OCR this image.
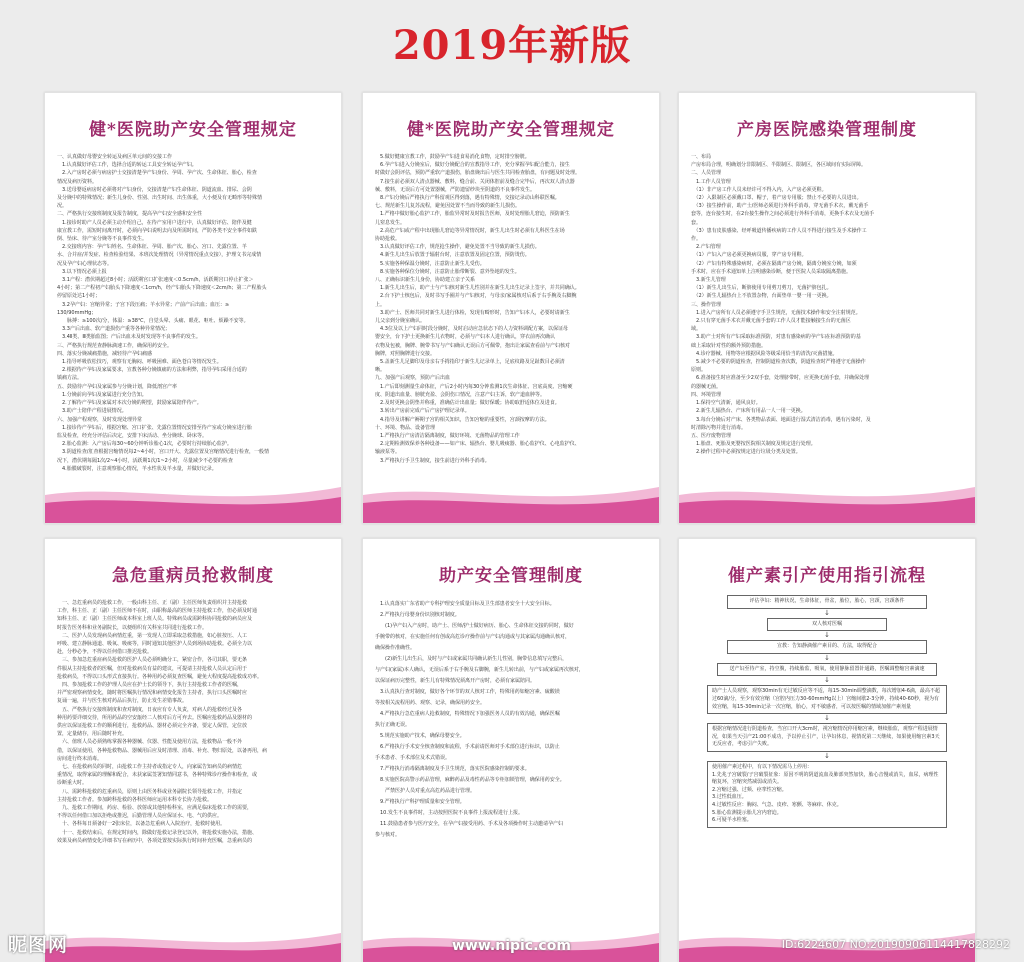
2019年新版
健*医院助产安全管理规定

一、认真做好母婴安全转运及病区单元间的交接工作

　1.认真做好评估工作，选择合适的转运工具安全转运孕产妇。

　2.入产房时必须与病房护士交接清楚孕产妇身份、孕周、孕产次、生命体征、胎心，检查

情况及病历资料。

　3.送母婴返病房时必须将对产妇身份，交接清楚产妇生命体征、阴道流血、排尿、会阴

及分娩中的特殊情况；新生儿身份、性别、出生时间、出生体重，大小便及有无畸形等特殊情

况。

二、严格执行交接班制度及报告制度，提高孕产妇安全感和安全性

　1.接诊时助产人员必须主动介绍自己，在待产室用户进行中，认真做好评估、陪伴及健

康宣教工作，需短时间离开时，必须向孕妇说明去向及所需时间，严防各类不安全事件如跌

倒、坠床、待产室分娩等不良事件发生。

　2.交接班内容：孕产妇姓名、生命体征、孕周、胎产次、胎心、宫口、先露位置、羊

水、合并症/并发症、检查检验结果、本班次处理情况（异常情况重点交接），护理文书完成情

况及孕产妇心理状态等。

　3.以下情况必须上报

　3.1产程：潜伏期超过8小时；活跃期宫口扩张速度＜0.5cm/h，活跃期宫口停止扩张＞

4小时；第二产程初产妇胎头下降速度＜1cm/h，经产妇胎头下降速度＜2cm/h；第二产程胎头

停留原处达1小时；

　3.2孕产妇：宫缩异常；子宫下段压痛；羊水异常；产前产后出血；血压：≥

130/90mmHg；

　　脉搏：≥100次/分，体温：≥38℃，自觉头晕、头痛、眼花、呕吐、烦躁不安等。

　3.3产后出血、软产道损伤产重等各种异常情况；

　3.4Ⅱ类、Ⅲ类胎监图；产后出血未及时发现等不良事件的发生。

三、严格执行规范查静脉滴速工作，确保用药安全。

四、落实分娩减痛措施，减轻待产孕妇痛感

　1.指导呼吸放松技巧，观察有无胸闷、呼吸困难、面色苍白等情况发生。

　2.根据待产孕妇及家属要求，宣教各种分娩镇痛的方法和利弊，指导孕妇采用合适的

镇痛方法。

五、鼓励待产孕妇及家属参与分娩计划，降低剖宫产率

　1.分娩前向孕妇及家属进行充分告知。

　2.了解待产孕妇及家属对本次分娩的期望，鼓励家属陪伴待产。

　3.助产士陪伴产程进展情况。

六、加强产程观察，及时发现处理异常

　1.接诊待产孕妇后，根据宫缩、宫口扩张、先露位置情况安排至待产室或分娩室进行胎

监及检查，经充分评估后决定，安排下床活动、坐分娩球、卧床等。

　2.胎心监测：入产房后每30~60分钟听诊胎心1次，必要时行持续胎心监护。

　3.阴道检查/肛查根据宫缩情况每2~4小时，宫口开大、先露位置及宫缩情况进行检查，一般情

况下，潜伏期每隔1次/2~4小时，活跃期1次/1~2小时，尽量减少不必要的检查

　4.胎膜破裂时，注意观察胎心情况，羊水性状及羊水量，并做好记录。

健*医院助产安全管理规定

　5.做好健康宣教工作，鼓励孕产妇进食易消化食物，定时排空膀胱。

　6.孕产妇进入分娩室后，做好分娩配合的宣教指导工作，充分掌握孕妇配合能力，接生

时做好会阴评估，预防严重软产道损伤，胎盘娩出后与医生共同检查胎盘，有问题及时处理。

　7.接生前必须双人清点器械、敷料，缝合前、关闭体腔前及缝合完毕后，再次双人清点器

械、敷料，无误后方可处置器械，严防遗留纱块至阴道的不良事件发生。

　8.产妇分娩后严格执行产科留观区得到落，遇有特殊情，交接记录动山科联医嘱。

七、规范新生儿复苏流程，避免因处置不当而导致的新生儿损伤。

　1.严格中做好胎心监护工作，胎监异常时及时报告医师，及时处理胎儿窘迫，预防新生

儿窒息发生。

　2.高危产妇或产程中出现胎儿窘迫等异常情况时，新生儿出生时必须有儿科医生在场

协助抢救。

　3.认真做好评估工作，规范抢生操作，避免处置不当导致的新生儿损伤。

　4.新生儿出生后放置于辐射台时，注意放置及固定位置，预防烫伤。

　5.实施各种保温分娩时，注意防止新生儿受伤。

　8.实施各种保位分娩时，注意防止胎带断裂、意外坠地的发生。

八、正确标识新生儿身份，协助建立亲子关系

　1.新生儿出生后，助产士与产妇核对新生儿性别并在新生儿出生记录上签字，并共同确认。

　2.台下护士核包后，及时书写手圈并与产妇核对，与母亲/家属核对后系于右手腕及右脚腕

上。

　3.助产士、医师共同对新生儿进行体检，发现有畸形时，告知产妇本人，必要时请新生

儿父亲到分娩室确认。

　4.3位及以上产妇同时段分娩时，及时启动应急状态下的人力资料调配方案，以保证母

婴安全，台下护士更换新生儿衣物时，必须与产妇本人进行确认，穿衣前再次确认

衣物及包被，胸牌、腕带书写与产妇确认无误后方可佩带，抱出让家属查看前与产妇核对

胸牌，对照胸牌进行交接。

　5.盖新生儿足脚印及母亲右手拇指印于新生儿记录单上，足底纹路及足趾数目必须清

晰。

九、加强产后观察，预防产后出血

　1.产后即刻测量生命体征，产后2小时内每30分钟监测1次生命体征、宫底高度、宫缩硬

度、阴道出血量、膀胱充盈、会阴伤口情况，注意产妇主诉，软产道血肿等。

　2.及时更换会阴垫并称重，准确估计出血量；做好保暖；协助取舒适体位及进食。

　3.转出产房前完成产后产房护理记录单。

　4.指导及讲解产褥期子宫的相关知识，告知宫缩的重要性，宫颈按摩的方法。

十、环境、物品、设备管理

　1.严格执行产房清洁隔离制度，做好环境、无菌物品的管理工作

　2.定期检测效保养各种设备——如产床、辐热台、婴儿吸痰器、胎心监护仪、心电监护仪、

输液泵等。

　3.严格执行手卫生制度，接生前进行外科手消毒。

产房医院感染管理制度

一、布局

产房布局合理，明确划分非限制区、半限制区、限制区，各区域间有实际屏障。

二、人员管理

　1.工作人员管理

　（1）非产房工作人员未经许可不得入内，入产房必须更鞋。

　（2）入限制区必须戴口罩、帽子，着产房专用服；禁止不必要的人员进出。

　（3）接生操作前，助产士/医师必须进行外科手消毒，穿无菌手术衣，戴无菌手

套等，连台接生时，在2台接生操作之间必须进行外科手消毒，更换手术衣及无菌手

套。

　（3）患有皮肤感染、经呼吸道传播疾病的工作人员不得进行接生及手术操作工

作。

　2.产妇管理

　（1）产妇入产房必须更换病员服，穿产房专用鞋。

　（2）产妇有特殊感染病时，必须在隔离产房分娩，隔离分娩室分娩，如须

手术时，应在手术通知单上注明感染诊断，便于医院人员采取隔离措施。

　3.新生儿管理

　（1）新生儿出生后，断脐使用专用剪刀剪刀，无菌护脐包扎。

　（2）新生儿辐热台上不放置杂物，台面垫单一婴一用一更换。

三、操作管理

　1.进入产房所有人员必须遵守手卫生规范，无菌技术操作和安全注射规范。

　2.只有穿无菌手术衣并戴无菌手套的工作人员才能接触接生台的无菌区

域。

　3.助产士对所有产妇采取标准预防，对患有感染病的孕产妇在标准预防的基

础上采取针对性的额外预防措施。

　4.诊疗器械、用物等应根据风险等级采用恰当的清洗/灭菌措施。

　5.减少不必要的阴道检查，控制阴道检查次数，阴道检查时严格遵守无菌操作

原则。

　6.准备接生时应准备至少2双手套，处理脐带时，应更换无菌手套，并确保处理

的器械无菌。

四、环境管理

　1.保持空气清新，通风良好。

　2.新生儿辐热台、产床所有用品一人一用一更换。

　3.每台分娩后对产床、各类物品表面、地面进行湿式清洁消毒，遇有污染时，及

时清除污物并进行消毒。

五、医疗废物管理

　1.胎盘、死胎及死婴按医院相关制度及规定进行处理。

　2.操作过程中必须按规定进行垃圾分类及处置。

急危重病员抢救制度

　一、急危重病员的抢救工作，一般由科主任、正（副）主任医师负责组织并主持抢救

工作，科主任、正（副）主任医师不在时，由职称最高的医师主持抢救工作，但必须及时通

知科主任、正（副）主任医师或本科室上班人员。特殊病员或需跨科协同抢救的病员应及

时报告医务科和业务副院长，以便组织有关科室共同进行抢救工作。

　二、医护人员发现病员病情危重，第一发现人立即采取急救措施，如心脏按压、人工

呼吸、建立静脉通道、吸氧、吸痰等，同时通知其他医护人员到场协助抢救。必须全力以

赴，分秒必争，不得以任何借口推迟抢救。

　三、参加急危重症病员抢救的医护人员必须明确分工，紧密合作，各司其职，要无条

件服从主持抢救者的医嘱，但对抢救病员有益的建议，可提请主持抢救人员认定后用于

抢救病员，不得以口头形式直接执行。各种用药必须复查医嘱，避免大程度提高抢救成功率。

　四、参加抢救工作的护理人员应在护士长的领导下，执行主持抢救工作者的医嘱，

并严密观察病情变化，随时将医嘱执行情况和病情变化报告主持者，执行口头医嘱时应

复诵一遍，并与医生核对药品后执行，防止发生差错事故。

　五、严格执行交接班制度和查对制度，日夜应有专人负责，对病人的抢救经过及各

种用药要详细交待，所用药品的空安瓿经二人核对后方可弃去。医嘱应抢救药品及器材的

供应以保证抢救工作的顺利进行，抢救药品、器材必须完全齐备，要定人保管，定位放

置，定量储存，用后随时补充。

　六、值班人员必须熟练掌握各种器械、仪器、性能及使用方法，抢救物品一般不外

借，以保证使用，各种抢救物品、器械用后应及时清理、消毒、补充、物归原处，以备再用，病

房间进行终末消毒。

　七、在抢救病员的同时，由抢救工作主持者或指定专人，向家属告知病员的病情危

重情况，取得家属的理解和配合，未获家属签署知情同意书，各种特殊诊疗操作和检查，或

诊断重大时。

　八、需跨科抢救的危重病员，原则上由医务科或业务副院长领导抢救工作，并指定

主持抢救工作者。参加跨科抢救的各科医师应运用本科专长协力抢救。

　九、抢救工作期间，药房、检验、放射或其他特检科室，应满足临床抢救工作的需要，

不得以任何借口加以拒绝或推迟，后勤管理人员应保证水、电、气的供应。

　十、各科每日须备好一2张床位，以备急危重病人入院治疗，抢救时使用。

　十一、抢救结束后，在规定时间内，除做好抢救记录登记以外，将抢救实施办法，措施、

效果及病员病情变化详细书写在病历中，各项处置按实际执行时间补充医嘱，急重病员的

助产安全管理制度

　1.认真落实广东省助产专科护理安全质量目标及卫生部患者安全十大安全目标。

　2.严格执行母婴身份识别核对制度。

　　(1)孕产妇入产房时，助产士、医师/护士做好病历、胎心、生命体征交接的同时，做好

手腕带的核对，在实施任何有创或高危诊疗操作前与产妇沟通或与其家属沟通确认核对，

确保操作准确性。

　　(2)新生儿出生后，及时与产妇或家属共同确认新生儿性别，胸带信息填写完整后，

与产妇(家属)本人确认，无误后系于右手腕及右脚腕，新生儿转出前，与产妇或家属再次核对，

以保证病历完整性，新生儿有特殊情况须离开产房时，必须有家属陪同。

　3.认真执行查对制度，做好各个环节的双人核对工作，特殊用药如缩宫素、硫酸镁

等按相关流程用药、观察、记录，确保用药安全。

　4.严格执行急危重病人抢救制度，特殊情况下加强医务人员的有效沟通，确保医嘱

执行正确无误。

　5.规范实施助产技术，确保母婴安全。

　6.严格执行手术安全核查制度和流程，手术前请医师对手术部位进行标识，以防止

手术患者、手术部位及术式错误。

　7.严格执行消毒隔离制度及手卫生规范，落实医院感染控制的要求。

　8.实施医院高警示药品管理，麻醉药品及毒性药品等专柜加锁管理，确保用药安全。

　　严禁医护人员对重点高危药品进行管理。

　9.严格执行产科护理质量和安全管理。

　10.发生不良事件时，主动按照医院不良事件上报流程进行上报。

　11.鼓励患者参与医疗安全，在孕产妇接受用药、手术及各项操作时主动邀请孕产妇

参与核对。

催产素引产使用指引流程
评估孕妇：精神状况，生命体征，骨盆，胎位，胎心，宫颈，宫颈条件
↓
双人核对医嘱
↓
宣教：告知静滴催产素目的、方法，取得配合
↓
送产妇至待产室，持空腹，持续胎监，吸氧，使用静脉留置针通路，医嘱调整缩宫素滴速
↓
助产士人员观察，观察30min有无过敏反应等不适，每15-30min调整滴数，每次增加4-6滴，最高不超过60滴/分，至少有效宫缩（宫腔内压力30-60mmHg以上）宫缩间歇2-3分钟，持续40-60秒，视为有效宫缩，每15-30min记录一次宫缩，胎心，对不敏感者，可以按医嘱的情域加催产素剂量
↓
根据宫缩情况进行阴道检查，当宫口开大3cm时，视宫缩情况停用缩宫素，继续胎监，观察产程进展情况，如果当天引产21:00不成功，予以停止引产，让孕妇休息，视情况第二天继续，如果使用缩宫素3天无反应者，考虑引产失败。
↓
使用催产素过程中，有以下情况需马上停用：
1.先兆子宫破裂/子宫破裂征象：原因不明的阴道流血及肺部突然加快，胎心音慢或消失，血尿，病理性缩复环，宫缩突然减弱或消失。
2.宫缩过强、过频、痉挛性宫缩。
3.过性低血压。
4.过敏性反应：胸闷、气急、皮疹、寒颤、等麻痒、休克。
5.胎心监测提示胎儿宫内窘迫。
6.可疑羊水栓塞。
昵图网	www.nipic.com	ID:6224607 NO:20190906114417828292
